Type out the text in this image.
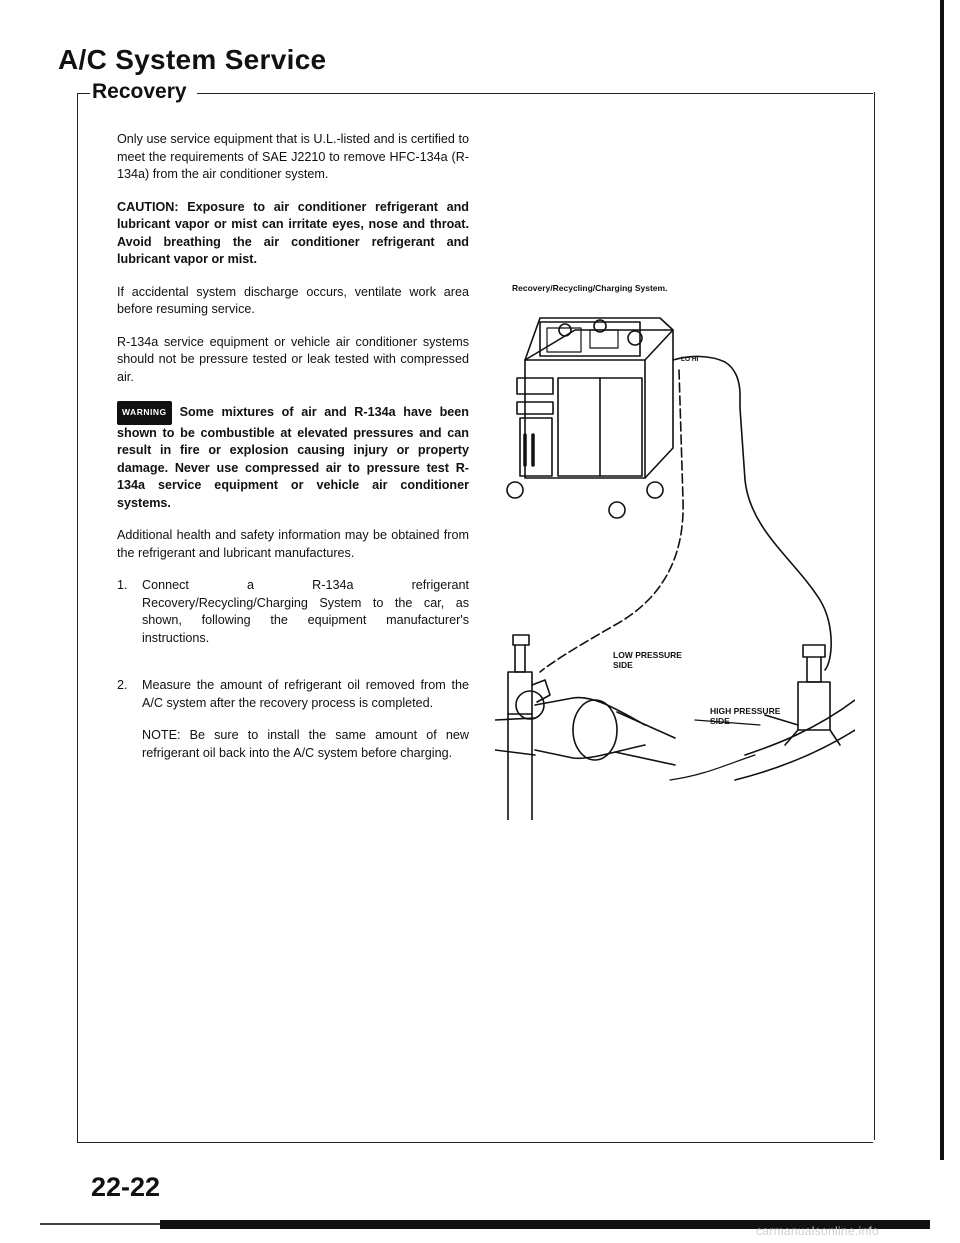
A/C System Service
Recovery

Only use service equipment that is U.L.-listed and is certified to meet the requirements of SAE J2210 to remove HFC-134a (R-134a) from the air conditioner system.

CAUTION: Exposure to air conditioner refrigerant and lubricant vapor or mist can irritate eyes, nose and throat. Avoid breathing the air conditioner refrigerant and lubricant vapor or mist.

If accidental system discharge occurs, ventilate work area before resuming service.

R-134a service equipment or vehicle air conditioner systems should not be pressure tested or leak tested with compressed air.

WARNING Some mixtures of air and R-134a have been shown to be combustible at elevated pressures and can result in fire or explosion causing injury or property damage. Never use compressed air to pressure test R-134a service equipment or vehicle air conditioner systems.

Additional health and safety information may be obtained from the refrigerant and lubricant manufactures.

1.	Connect a R-134a refrigerant Recovery/Recycling/Charging System to the car, as shown, following the equipment manufacturer's instructions.

2.	Measure the amount of refrigerant oil removed from the A/C system after the recovery process is completed.

NOTE: Be sure to install the same amount of new refrigerant oil back into the A/C system before charging.

Recovery/Recycling/Charging System.
LOW PRESSURE
SIDE
HIGH PRESSURE
SIDE
LO HI
22-22
carmanualsonline.info
